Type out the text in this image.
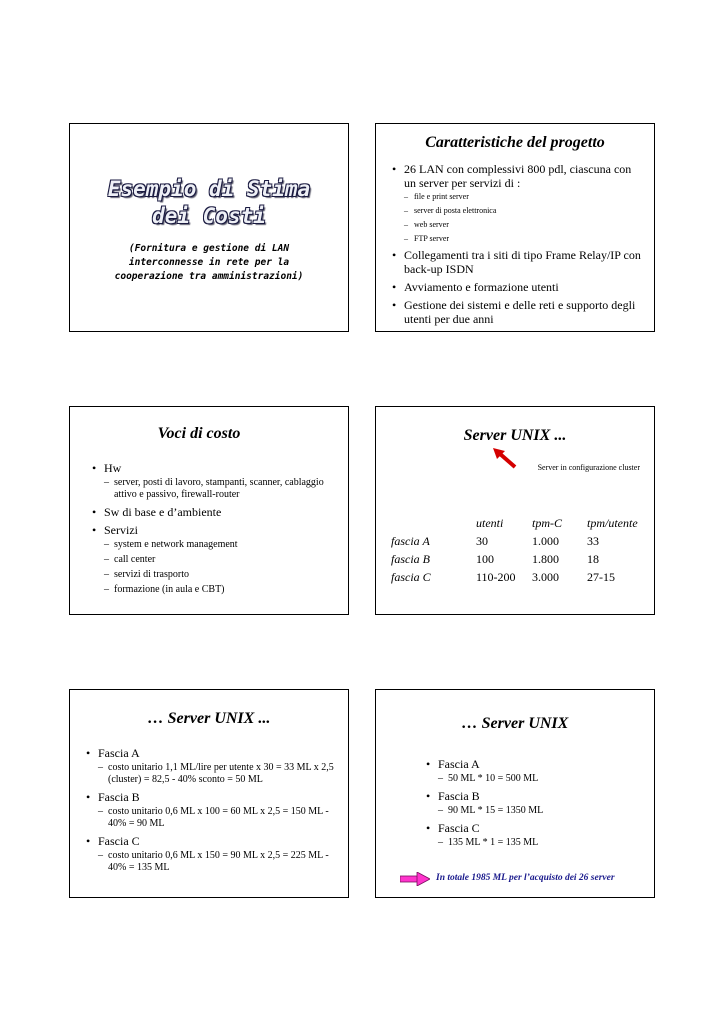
Esempio di Stima
dei Costi
(Fornitura e gestione di LAN
interconnesse in rete per la
cooperazione tra amministrazioni)
Caratteristiche del progetto
• 26 LAN con complessivi 800 pdl, ciascuna con un server per servizi di :
– file e print server
– server di posta elettronica
– web server
– FTP server
• Collegamenti tra i siti di tipo Frame Relay/IP con back-up ISDN
• Avviamento e formazione utenti
• Gestione dei sistemi e delle reti e supporto degli utenti per due anni
Voci di costo
• Hw
– server, posti di lavoro, stampanti, scanner, cablaggio attivo e passivo, firewall-router
• Sw di base e d’ambiente
• Servizi
– system e network management
– call center
– servizi di trasporto
– formazione (in aula e CBT)
Server UNIX ...
Server in configurazione cluster
utenti tpm-C tpm/utente
fascia A	30	1.000 33
fascia B	100	1.800 18
fascia C	110-200 3.000 27-15
… Server UNIX ...
• Fascia A
– costo unitario 1,1 ML/lire per utente x 30 = 33 ML x 2,5 (cluster) = 82,5 - 40% sconto = 50 ML
• Fascia B
– costo unitario 0,6 ML x 100 = 60 ML x 2,5 = 150 ML - 40% = 90 ML
• Fascia C
– costo unitario 0,6 ML x 150 = 90 ML x 2,5 = 225 ML - 40% = 135 ML
… Server UNIX
• Fascia A
– 50 ML * 10 = 500 ML
• Fascia B
– 90 ML * 15 = 1350 ML
• Fascia C
– 135 ML * 1 = 135 ML
In totale 1985 ML per l’acquisto dei 26 server
